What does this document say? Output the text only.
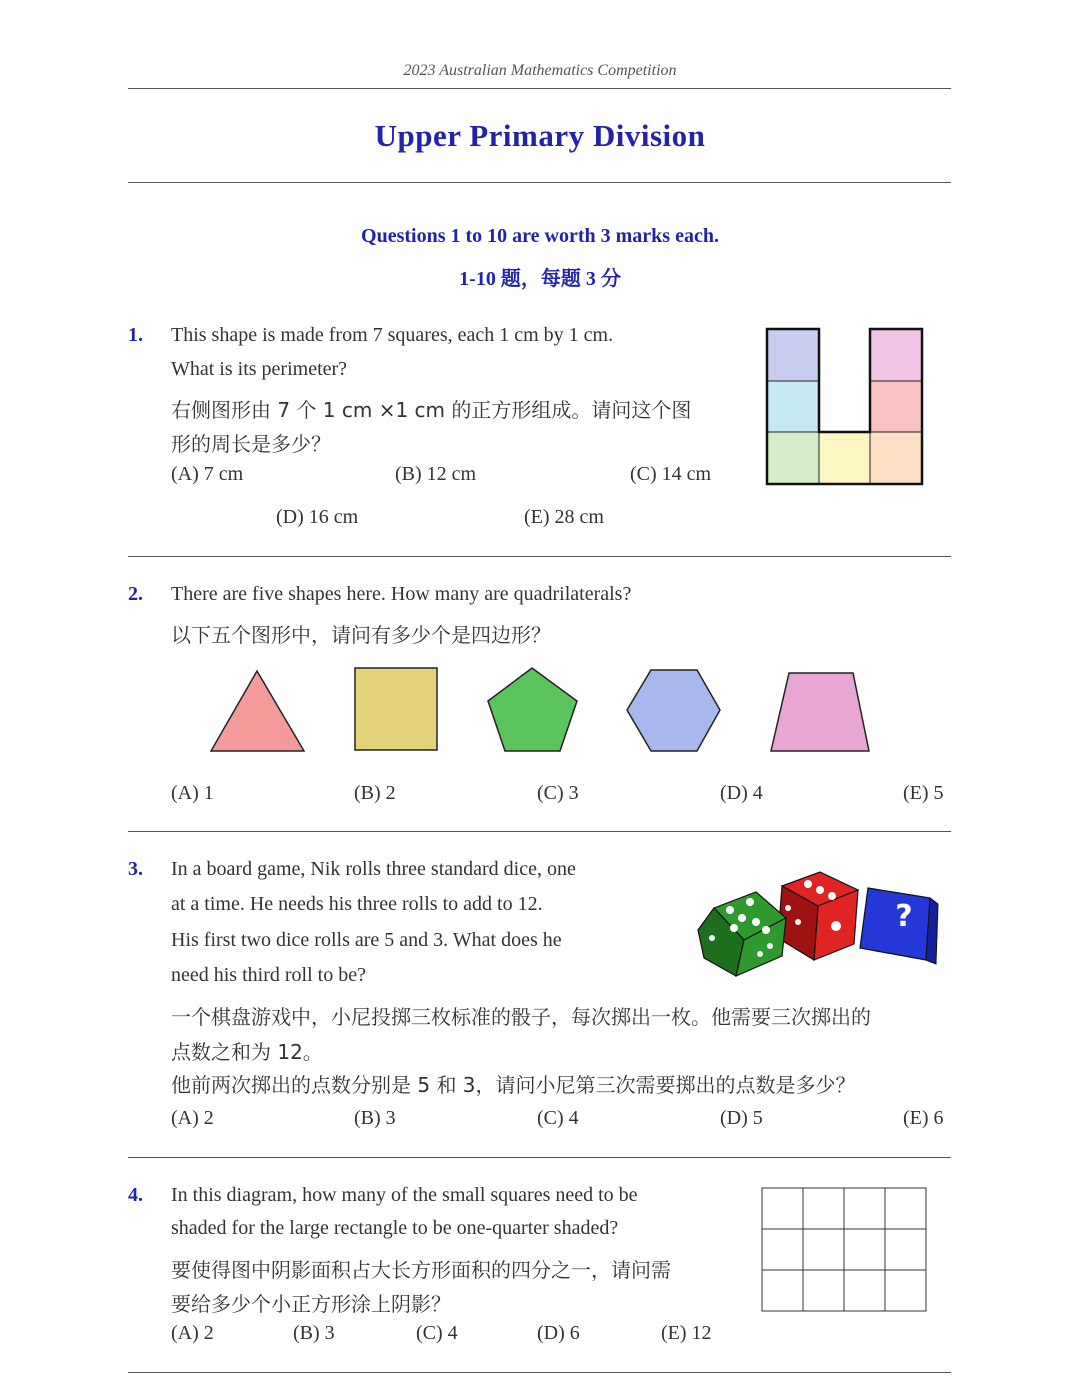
2023 Australian Mathematics Competition
Upper Primary Division
Questions 1 to 10 are worth 3 marks each.
1-10 题，每题 3 分
1. This shape is made from 7 squares, each 1 cm by 1 cm.
What is its perimeter?
右侧图形由 7 个 1 cm ×1 cm 的正方形组成。请问这个图
形的周长是多少？
(A) 7 cm	(B) 12 cm	(C) 14 cm
(D) 16 cm	(E) 28 cm
2. There are five shapes here. How many are quadrilaterals?
以下五个图形中，请问有多少个是四边形？
(A) 1	(B) 2	(C) 3	(D) 4	(E) 5
3. In a board game, Nik rolls three standard dice, one
at a time. He needs his three rolls to add to 12.
His first two dice rolls are 5 and 3. What does he
need his third roll to be?
一个棋盘游戏中，小尼投掷三枚标准的骰子，每次掷出一枚。他需要三次掷出的
点数之和为 12。
他前两次掷出的点数分别是 5 和 3，请问小尼第三次需要掷出的点数是多少？
?
?
(A) 2	(B) 3	(C) 4	(D) 5	(E) 6
4. In this diagram, how many of the small squares need to be
shaded for the large rectangle to be one-quarter shaded?
要使得图中阴影面积占大长方形面积的四分之一，请问需
要给多少个小正方形涂上阴影？
(A) 2	(B) 3	(C) 4	(D) 6	(E) 12
